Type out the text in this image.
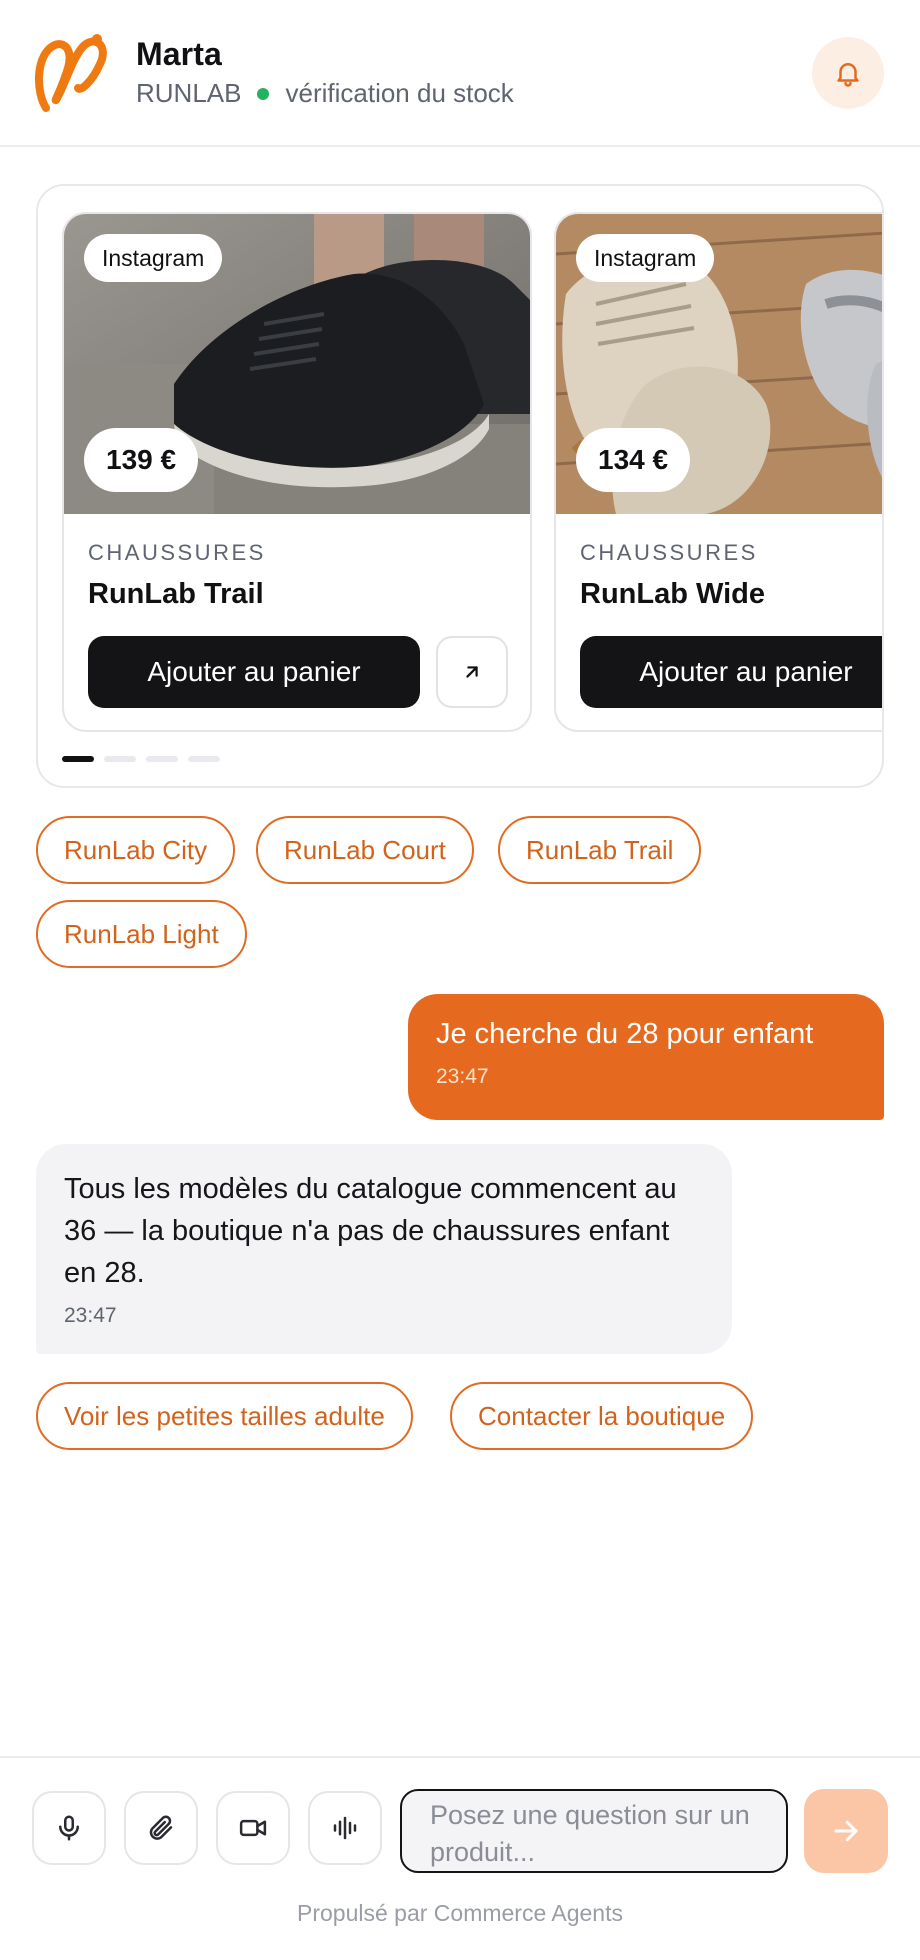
Marta
RUNLAB vérification du stock
Instagram
139 €
CHAUSSURES
RunLab Trail
Ajouter au panier
Instagram
134 €
CHAUSSURES
RunLab Wide
Ajouter au panier
RunLab City	RunLab Court	RunLab Trail
RunLab Light
Je cherche du 28 pour enfant
23:47
Tous les modèles du catalogue commencent au 36 — la boutique n'a pas de chaussures enfant en 28.
23:47
Voir les petites tailles adulte	Contacter la boutique
Posez une question sur un produit...
Propulsé par Commerce Agents
